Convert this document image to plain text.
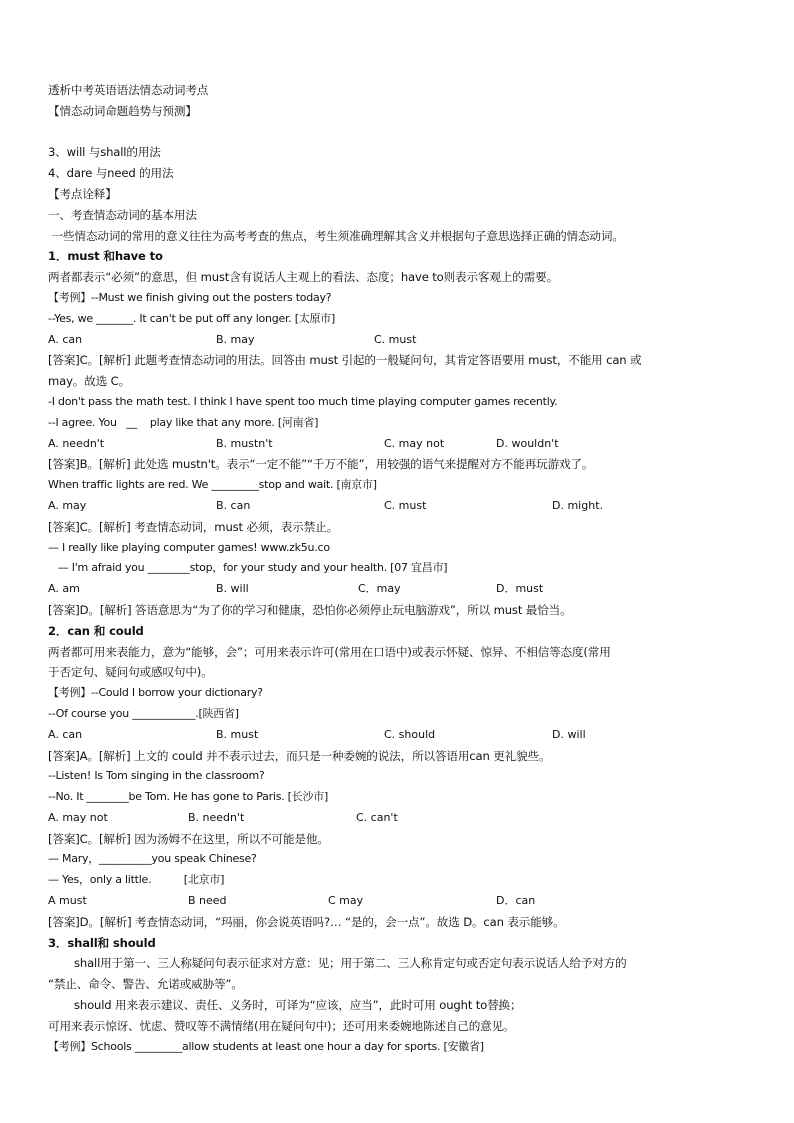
透析中考英语语法情态动词考点
【情态动词命题趋势与预测】
3、will 与shall的用法
4、dare 与need 的用法
【考点诠释】
一、考查情态动词的基本用法
一些情态动词的常用的意义往往为高考考查的焦点，考生须准确理解其含义并根据句子意思选择正确的情态动词。
1．must 和have to
两者都表示“必须”的意思，但 must含有说话人主观上的看法、态度；have to则表示客观上的需要。
【考例】--Must we finish giving out the posters today?
--Yes, we _______. It can't be put off any longer. [太原市]
A. can	B. may	C. must
[答案]C。[解析] 此题考查情态动词的用法。回答由 must 引起的一般疑问句，其肯定答语要用 must，不能用 can 或
may。故选 C。
-I don't pass the math test. I think I have spent too much time playing computer games recently.
--I agree. You   __    play like that any more. [河南省]
A. needn't	B. mustn't	C. may not	D. wouldn't
[答案]B。[解析] 此处选 mustn't。表示“一定不能”“千万不能”，用较强的语气来提醒对方不能再玩游戏了。
When traffic lights are red. We _________stop and wait. [南京市]
A. may	B. can	C. must	D. might.
[答案]C。[解析] 考查情态动词，must 必须，表示禁止。
— I really like playing computer games! www.zk5u.co
— I'm afraid you ________stop，for your study and your health. [07 宜昌市]
A. am	B. will	C．may	D．must
[答案]D。[解析] 答语意思为“为了你的学习和健康，恐怕你必须停止玩电脑游戏”，所以 must 最恰当。
2．can 和 could
两者都可用来表能力，意为“能够，会”；可用来表示许可(常用在口语中)或表示怀疑、惊异、不相信等态度(常用
于否定句、疑问句或感叹句中)。
【考例】--Could I borrow your dictionary?
--Of course you ____________.[陕西省]
A. can	B. must	C. should	D. will
[答案]A。[解析] 上文的 could 并不表示过去，而只是一种委婉的说法，所以答语用can 更礼貌些。
--Listen! Is Tom singing in the classroom?
--No. It ________be Tom. He has gone to Paris. [长沙市]
A. may not	B. needn't	C. can't
[答案]C。[解析] 因为汤姆不在这里，所以不可能是他。
— Mary，__________you speak Chinese?
— Yes，only a little.          [北京市]
A must	B need	C may	D．can
[答案]D。[解析] 考查情态动词，“玛丽，你会说英语吗?… “是的，会一点”。故选 D。can 表示能够。
3．shall和 should
shall用于第一、三人称疑问句表示征求对方意：见；用于第二、三人称肯定句或否定句表示说话人给予对方的
“禁止、命令、警告、允诺或威胁等”。
should 用来表示建议、责任、义务时，可译为“应该，应当”，此时可用 ought to替换；
可用来表示惊讶、忧虑、赞叹等不满情绪(用在疑问句中)；还可用来委婉地陈述自己的意见。
【考例】Schools _________allow students at least one hour a day for sports. [安徽省]
